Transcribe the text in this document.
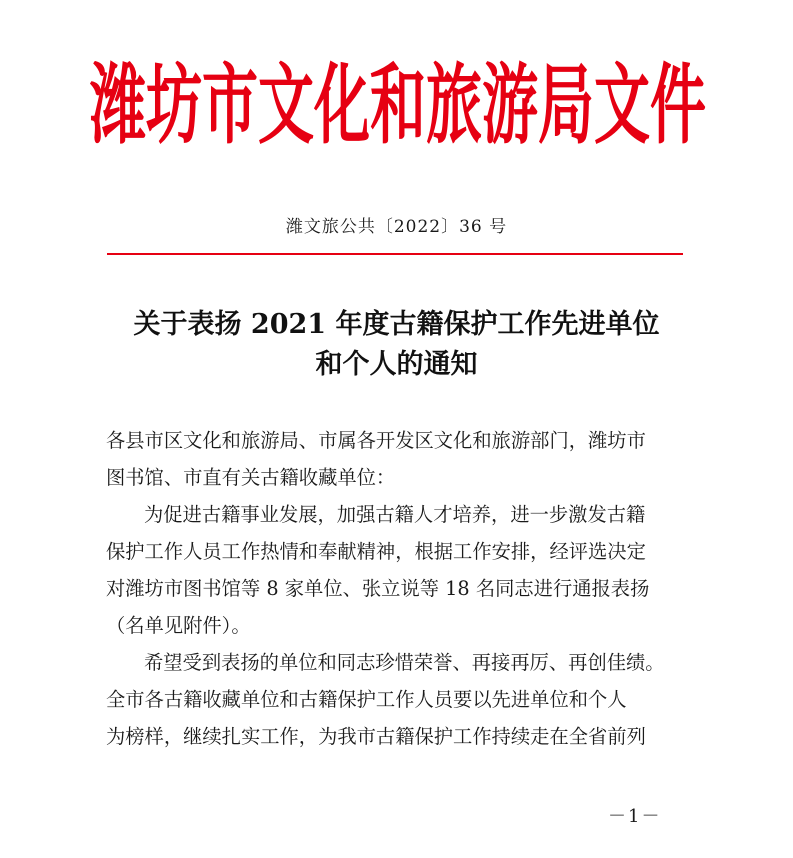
潍坊市文化和旅游局文件
潍文旅公共〔2022〕36 号
关于表扬 2021 年度古籍保护工作先进单位
和个人的通知

各县市区文化和旅游局、市属各开发区文化和旅游部门，潍坊市

图书馆、市直有关古籍收藏单位：

为促进古籍事业发展，加强古籍人才培养，进一步激发古籍

保护工作人员工作热情和奉献精神，根据工作安排，经评选决定

对潍坊市图书馆等 8 家单位、张立说等 18 名同志进行通报表扬

（名单见附件）。

希望受到表扬的单位和同志珍惜荣誉、再接再厉、再创佳绩。

全市各古籍收藏单位和古籍保护工作人员要以先进单位和个人

为榜样，继续扎实工作，为我市古籍保护工作持续走在全省前列

－1－
